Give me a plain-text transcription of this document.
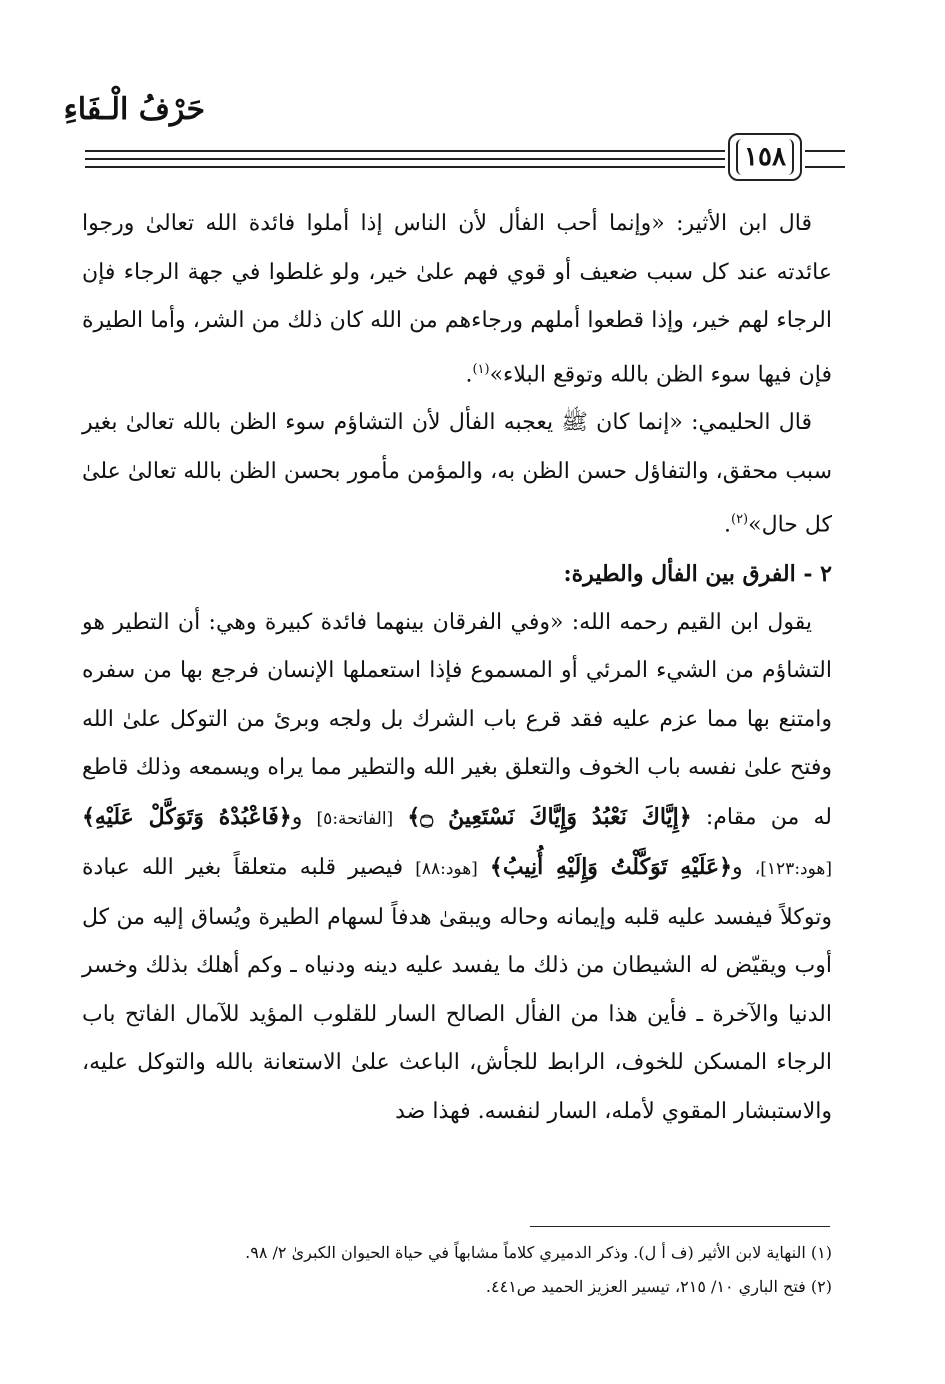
حَرْفُ الْـفَاءِ
١٥٨

قال ابن الأثير: «وإنما أحب الفأل لأن الناس إذا أملوا فائدة الله تعالىٰ ورجوا عائدته عند كل سبب ضعيف أو قوي فهم علىٰ خير، ولو غلطوا في جهة الرجاء فإن الرجاء لهم خير، وإذا قطعوا أملهم ورجاءهم من الله كان ذلك من الشر، وأما الطيرة فإن فيها سوء الظن بالله وتوقع البلاء»$^{(١)}$.

قال الحليمي: «إنما كان ﷺ يعجبه الفأل لأن التشاؤم سوء الظن بالله تعالىٰ بغير سبب محقق، والتفاؤل حسن الظن به، والمؤمن مأمور بحسن الظن بالله تعالىٰ علىٰ كل حال»$^{(٢)}$.

٢ - الفرق بين الفأل والطيرة:

يقول ابن القيم رحمه الله: «وفي الفرقان بينهما فائدة كبيرة وهي: أن التطير هو التشاؤم من الشيء المرئي أو المسموع فإذا استعملها الإنسان فرجع بها من سفره وامتنع بها مما عزم عليه فقد قرع باب الشرك بل ولجه وبرئ من التوكل علىٰ الله وفتح علىٰ نفسه باب الخوف والتعلق بغير الله والتطير مما يراه ويسمعه وذلك قاطع له من مقام: ﴿إِيَّاكَ نَعْبُدُ وَإِيَّاكَ نَسْتَعِينُ ۝﴾ [الفاتحة:٥] و﴿فَاعْبُدْهُ وَتَوَكَّلْ عَلَيْهِ﴾ [هود:١٢٣]، و﴿عَلَيْهِ تَوَكَّلْتُ وَإِلَيْهِ أُنِيبُ﴾ [هود:٨٨] فيصير قلبه متعلقاً بغير الله عبادة وتوكلاً فيفسد عليه قلبه وإيمانه وحاله ويبقىٰ هدفاً لسهام الطيرة ويُساق إليه من كل أوب ويقيّض له الشيطان من ذلك ما يفسد عليه دينه ودنياه ـ وكم أهلك بذلك وخسر الدنيا والآخرة ـ فأين هذا من الفأل الصالح السار للقلوب المؤيد للآمال الفاتح باب الرجاء المسكن للخوف، الرابط للجأش، الباعث علىٰ الاستعانة بالله والتوكل عليه، والاستبشار المقوي لأمله، السار لنفسه. فهذا ضد

(١) النهاية لابن الأثير (ف أ ل). وذكر الدميري كلاماً مشابهاً في حياة الحيوان الكبرىٰ ٢/ ٩٨.
(٢) فتح الباري ١٠/ ٢١٥، تيسير العزيز الحميد ص٤٤١.
